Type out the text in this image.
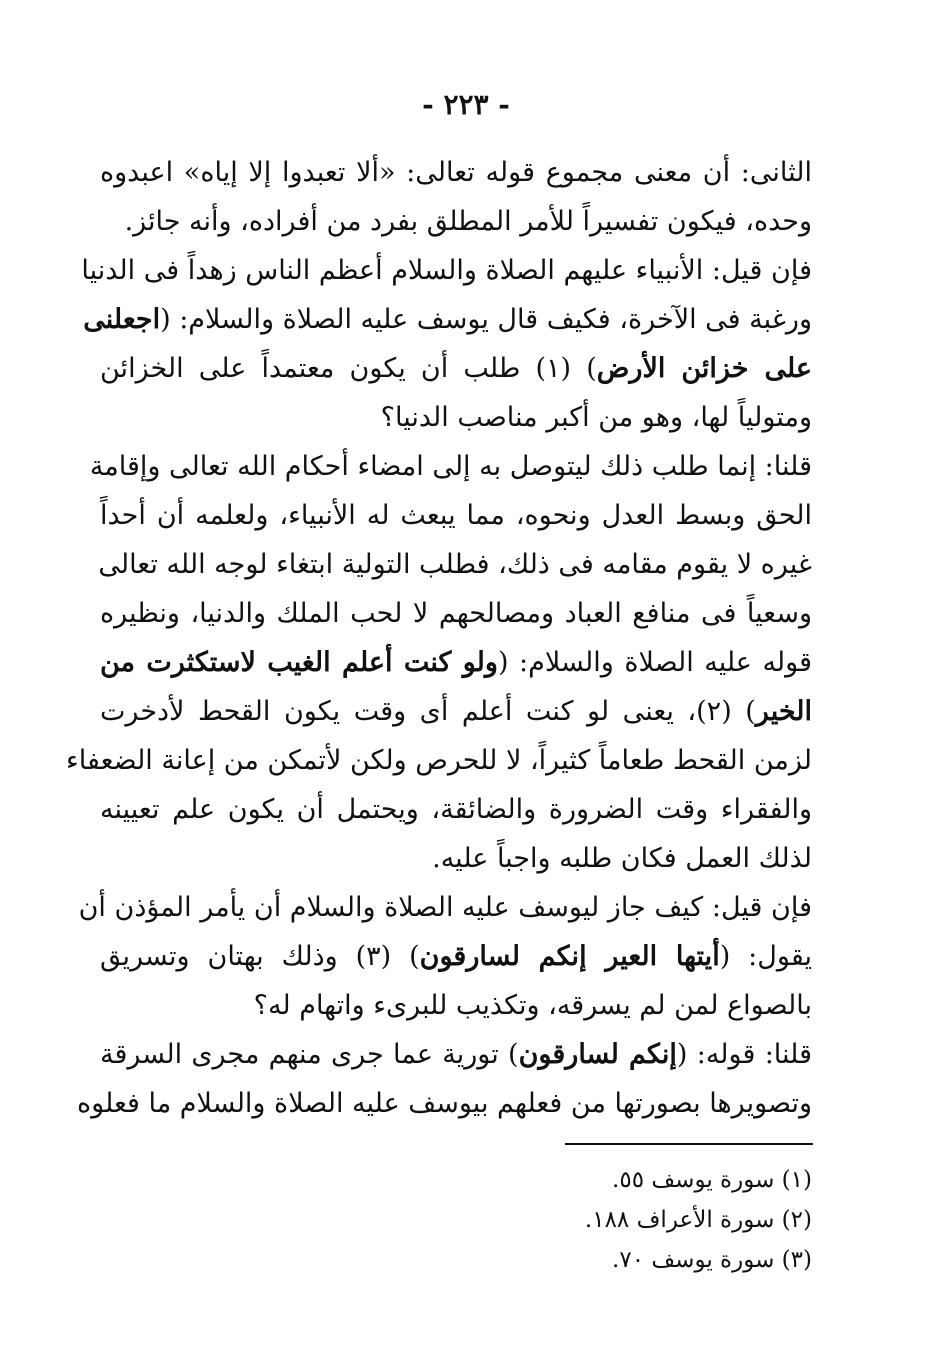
- ٢٢٣ -
الثانى: أن معنى مجموع قوله تعالى: «ألا تعبدوا إلا إياه» اعبدوه
وحده، فيكون تفسيراً للأمر المطلق بفرد من أفراده، وأنه جائز.
فإن قيل: الأنبياء عليهم الصلاة والسلام أعظم الناس زهداً فى الدنيا
ورغبة فى الآخرة، فكيف قال يوسف عليه الصلاة والسلام: (اجعلنى
على خزائن الأرض) (١) طلب أن يكون معتمداً على الخزائن
ومتولياً لها، وهو من أكبر مناصب الدنيا؟
قلنا: إنما طلب ذلك ليتوصل به إلى امضاء أحكام الله تعالى وإقامة
الحق وبسط العدل ونحوه، مما يبعث له الأنبياء، ولعلمه أن أحداً
غيره لا يقوم مقامه فى ذلك، فطلب التولية ابتغاء لوجه الله تعالى
وسعياً فى منافع العباد ومصالحهم لا لحب الملك والدنيا، ونظيره
قوله عليه الصلاة والسلام: (ولو كنت أعلم الغيب لاستكثرت من
الخير) (٢)، يعنى لو كنت أعلم أى وقت يكون القحط لأدخرت
لزمن القحط طعاماً كثيراً، لا للحرص ولكن لأتمكن من إعانة الضعفاء
والفقراء وقت الضرورة والضائقة، ويحتمل أن يكون علم تعيينه
لذلك العمل فكان طلبه واجباً عليه.
فإن قيل: كيف جاز ليوسف عليه الصلاة والسلام أن يأمر المؤذن أن
يقول: (أيتها العير إنكم لسارقون) (٣) وذلك بهتان وتسريق
بالصواع لمن لم يسرقه، وتكذيب للبرىء واتهام له؟
قلنا: قوله: (إنكم لسارقون) تورية عما جرى منهم مجرى السرقة
وتصويرها بصورتها من فعلهم بيوسف عليه الصلاة والسلام ما فعلوه
(١) سورة يوسف ٥٥.
(٢) سورة الأعراف ١٨٨.
(٣) سورة يوسف ٧٠.
